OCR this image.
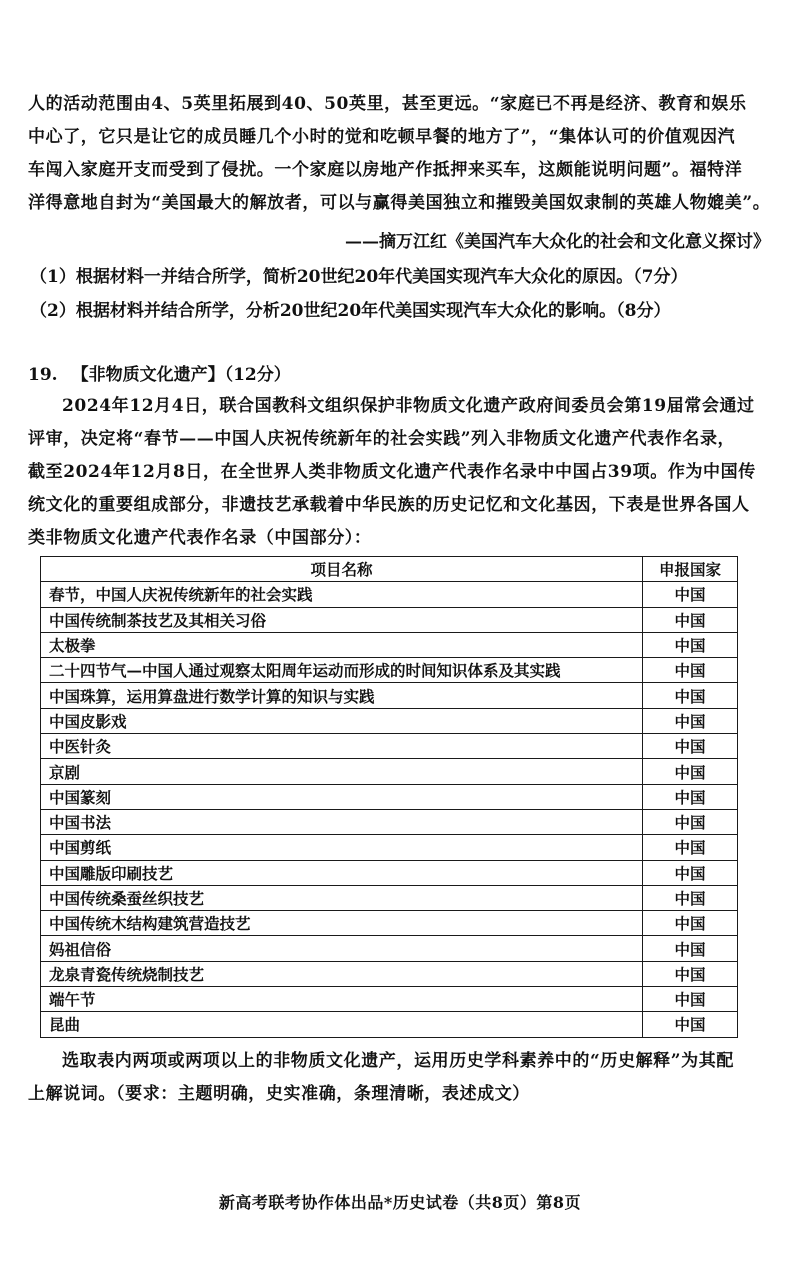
人的活动范围由4、5英里拓展到40、50英里，甚至更远。“家庭已不再是经济、教育和娱乐
中心了，它只是让它的成员睡几个小时的觉和吃顿早餐的地方了”，“集体认可的价值观因汽
车闯入家庭开支而受到了侵扰。一个家庭以房地产作抵押来买车，这颇能说明问题”。福特洋
洋得意地自封为“美国最大的解放者，可以与赢得美国独立和摧毁美国奴隶制的英雄人物媲美”。

——摘万江红《美国汽车大众化的社会和文化意义探讨》
（1）根据材料一并结合所学，简析20世纪20年代美国实现汽车大众化的原因。（7分）
（2）根据材料并结合所学，分析20世纪20年代美国实现汽车大众化的影响。（8分）
19. 【非物质文化遗产】（12分）

2024年12月4日，联合国教科文组织保护非物质文化遗产政府间委员会第19届常会通过
评审，决定将“春节——中国人庆祝传统新年的社会实践”列入非物质文化遗产代表作名录，
截至2024年12月8日，在全世界人类非物质文化遗产代表作名录中中国占39项。作为中国传
统文化的重要组成部分，非遗技艺承载着中华民族的历史记忆和文化基因，下表是世界各国人
类非物质文化遗产代表作名录（中国部分）：

项目名称	申报国家
春节，中国人庆祝传统新年的社会实践	中国
中国传统制茶技艺及其相关习俗	中国
太极拳	中国
二十四节气—中国人通过观察太阳周年运动而形成的时间知识体系及其实践	中国
中国珠算，运用算盘进行数学计算的知识与实践	中国
中国皮影戏	中国
中医针灸	中国
京剧	中国
中国篆刻	中国
中国书法	中国
中国剪纸	中国
中国雕版印刷技艺	中国
中国传统桑蚕丝织技艺	中国
中国传统木结构建筑营造技艺	中国
妈祖信俗	中国
龙泉青瓷传统烧制技艺	中国
端午节	中国
昆曲	中国

选取表内两项或两项以上的非物质文化遗产，运用历史学科素养中的“历史解释”为其配
上解说词。（要求：主题明确，史实准确，条理清晰，表述成文）

新高考联考协作体出品*历史试卷（共8页）第8页
